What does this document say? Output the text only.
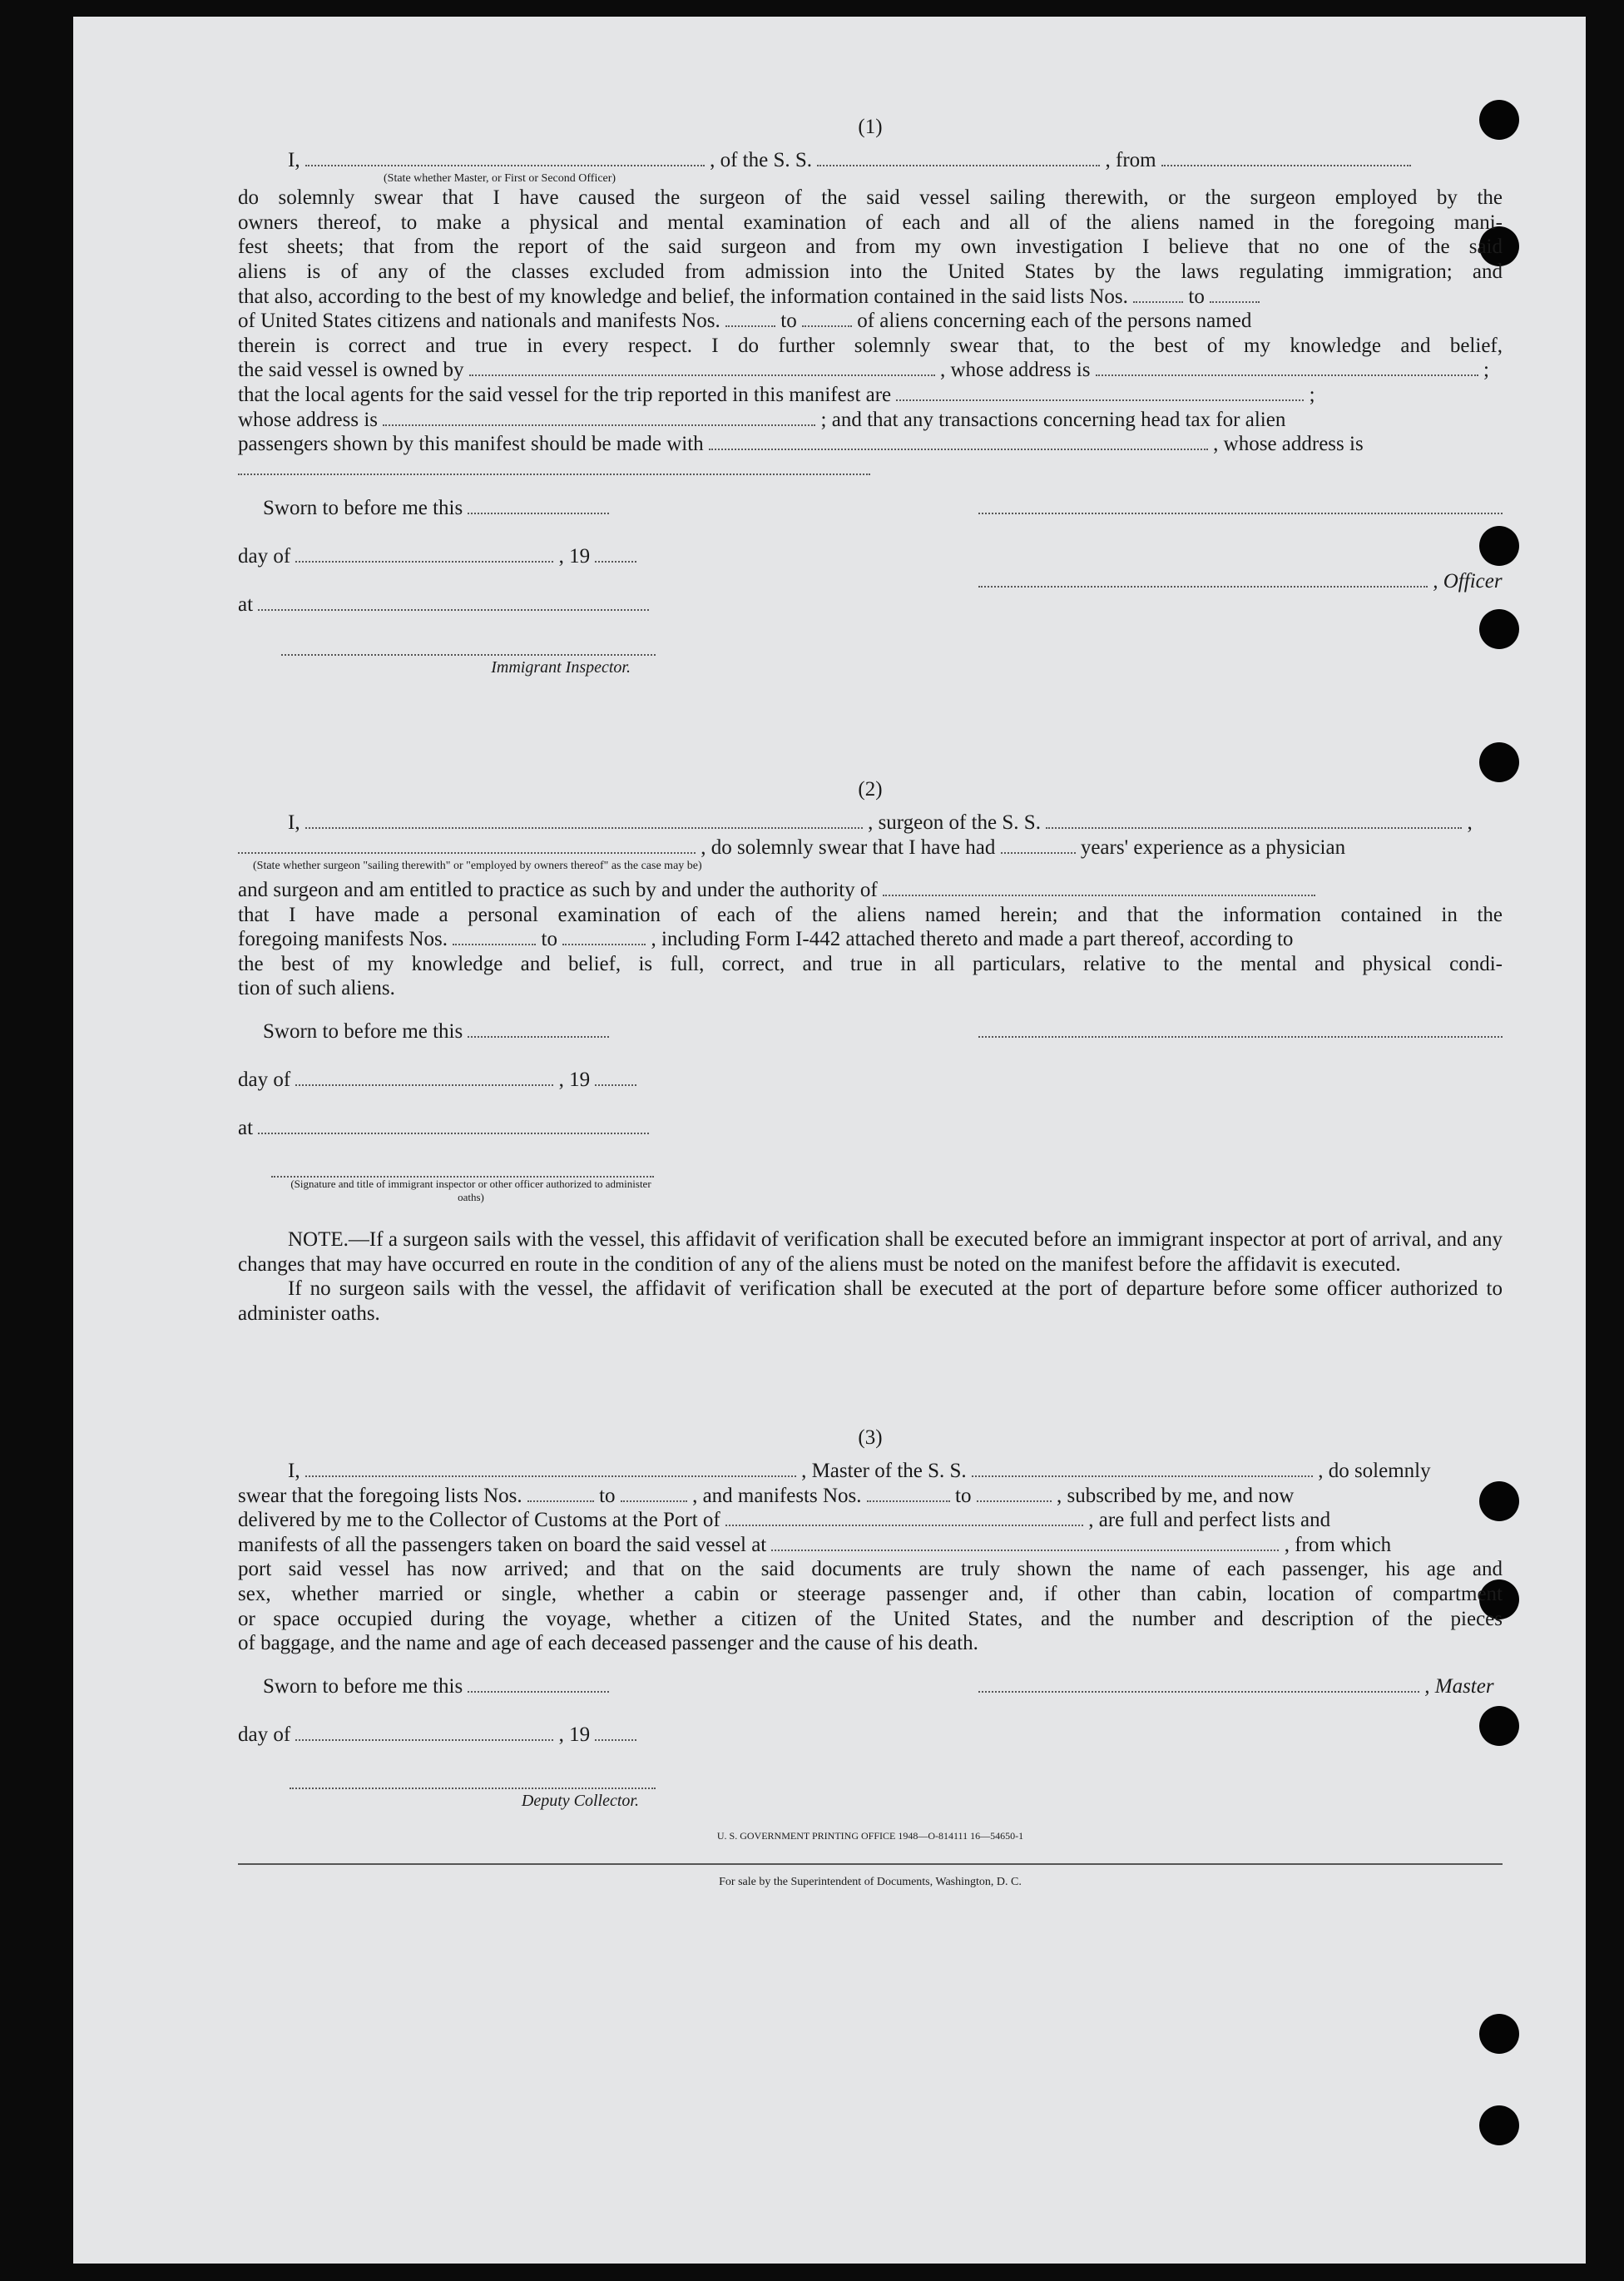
(1)
I,	, of the S. S.	, from
(State whether Master, or First or Second Officer)
do solemnly swear that I have caused the surgeon of the said vessel sailing therewith, or the surgeon employed by the
owners thereof, to make a physical and mental examination of each and all of the aliens named in the foregoing mani-
fest sheets; that from the report of the said surgeon and from my own investigation I believe that no one of the said
aliens is of any of the classes excluded from admission into the United States by the laws regulating immigration; and
that also, according to the best of my knowledge and belief, the information contained in the said lists Nos.	to
of United States citizens and nationals and manifests Nos.	to	of aliens concerning each of the persons named
therein is correct and true in every respect. I do further solemnly swear that, to the best of my knowledge and belief,
the said vessel is owned by	, whose address is	;
that the local agents for the said vessel for the trip reported in this manifest are	;
whose address is	; and that any transactions concerning head tax for alien
passengers shown by this manifest should be made with	, whose address is
Sworn to before me this
day of	, 19
, Officer
at
Immigrant Inspector.
(2)
I,	, surgeon of the S. S.	,
, do solemnly swear that I have had	years' experience as a physician
(State whether surgeon "sailing therewith" or "employed by owners thereof" as the case may be)
and surgeon and am entitled to practice as such by and under the authority of
that I have made a personal examination of each of the aliens named herein; and that the information contained in the
foregoing manifests Nos.	to	, including Form I-442 attached thereto and made a part thereof, according to
the best of my knowledge and belief, is full, correct, and true in all particulars, relative to the mental and physical condi-
tion of such aliens.
Sworn to before me this
day of	, 19
at
(Signature and title of immigrant inspector or other officer authorized to administer oaths)
NOTE.—If a surgeon sails with the vessel, this affidavit of verification shall be executed before an immigrant inspector at port of arrival, and any changes that may have occurred en route in the condition of any of the aliens must be noted on the manifest before the affidavit is executed.
If no surgeon sails with the vessel, the affidavit of verification shall be executed at the port of departure before some officer authorized to administer oaths.
(3)
I,	, Master of the S. S.	, do solemnly
swear that the foregoing lists Nos.	to	, and manifests Nos.	to	, subscribed by me, and now
delivered by me to the Collector of Customs at the Port of	, are full and perfect lists and
manifests of all the passengers taken on board the said vessel at	, from which
port said vessel has now arrived; and that on the said documents are truly shown the name of each passenger, his age and
sex, whether married or single, whether a cabin or steerage passenger and, if other than cabin, location of compartment
or space occupied during the voyage, whether a citizen of the United States, and the number and description of the pieces
of baggage, and the name and age of each deceased passenger and the cause of his death.
Sworn to before me this	, Master
day of	, 19
Deputy Collector.
U. S. GOVERNMENT PRINTING OFFICE 1948—O-814111 16—54650-1
For sale by the Superintendent of Documents, Washington, D. C.
